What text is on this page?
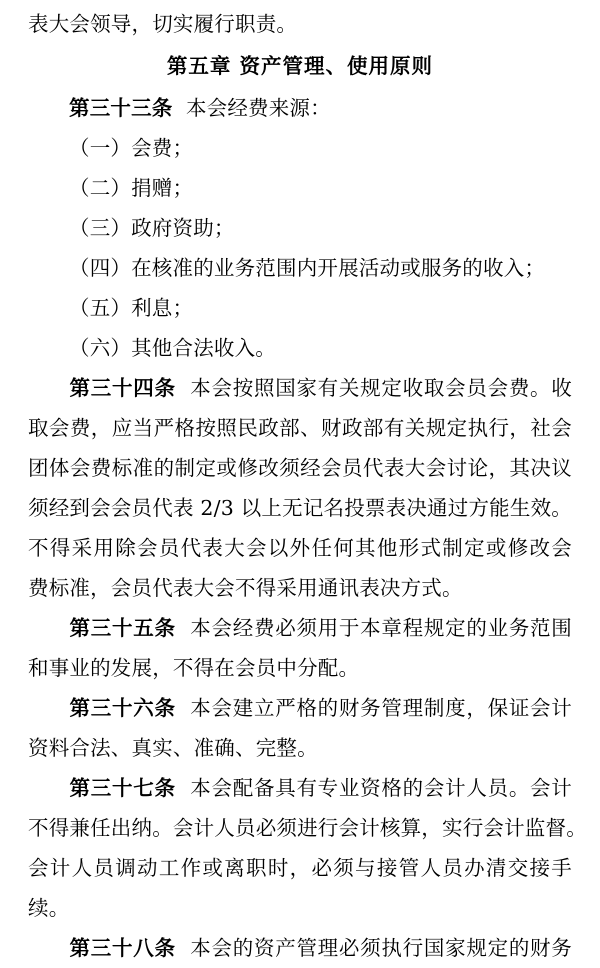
表大会领导，切实履行职责。
第五章 资产管理、使用原则
第三十三条 本会经费来源：
（一）会费；
（二）捐赠；
（三）政府资助；
（四）在核准的业务范围内开展活动或服务的收入；
（五）利息；
（六）其他合法收入。
第三十四条 本会按照国家有关规定收取会员会费。收
取会费，应当严格按照民政部、财政部有关规定执行，社会
团体会费标准的制定或修改须经会员代表大会讨论，其决议
须经到会会员代表 2/3 以上无记名投票表决通过方能生效。
不得采用除会员代表大会以外任何其他形式制定或修改会
费标准，会员代表大会不得采用通讯表决方式。
第三十五条 本会经费必须用于本章程规定的业务范围
和事业的发展，不得在会员中分配。
第三十六条 本会建立严格的财务管理制度，保证会计
资料合法、真实、准确、完整。
第三十七条 本会配备具有专业资格的会计人员。会计
不得兼任出纳。会计人员必须进行会计核算，实行会计监督。
会计人员调动工作或离职时，必须与接管人员办清交接手
续。
第三十八条 本会的资产管理必须执行国家规定的财务
